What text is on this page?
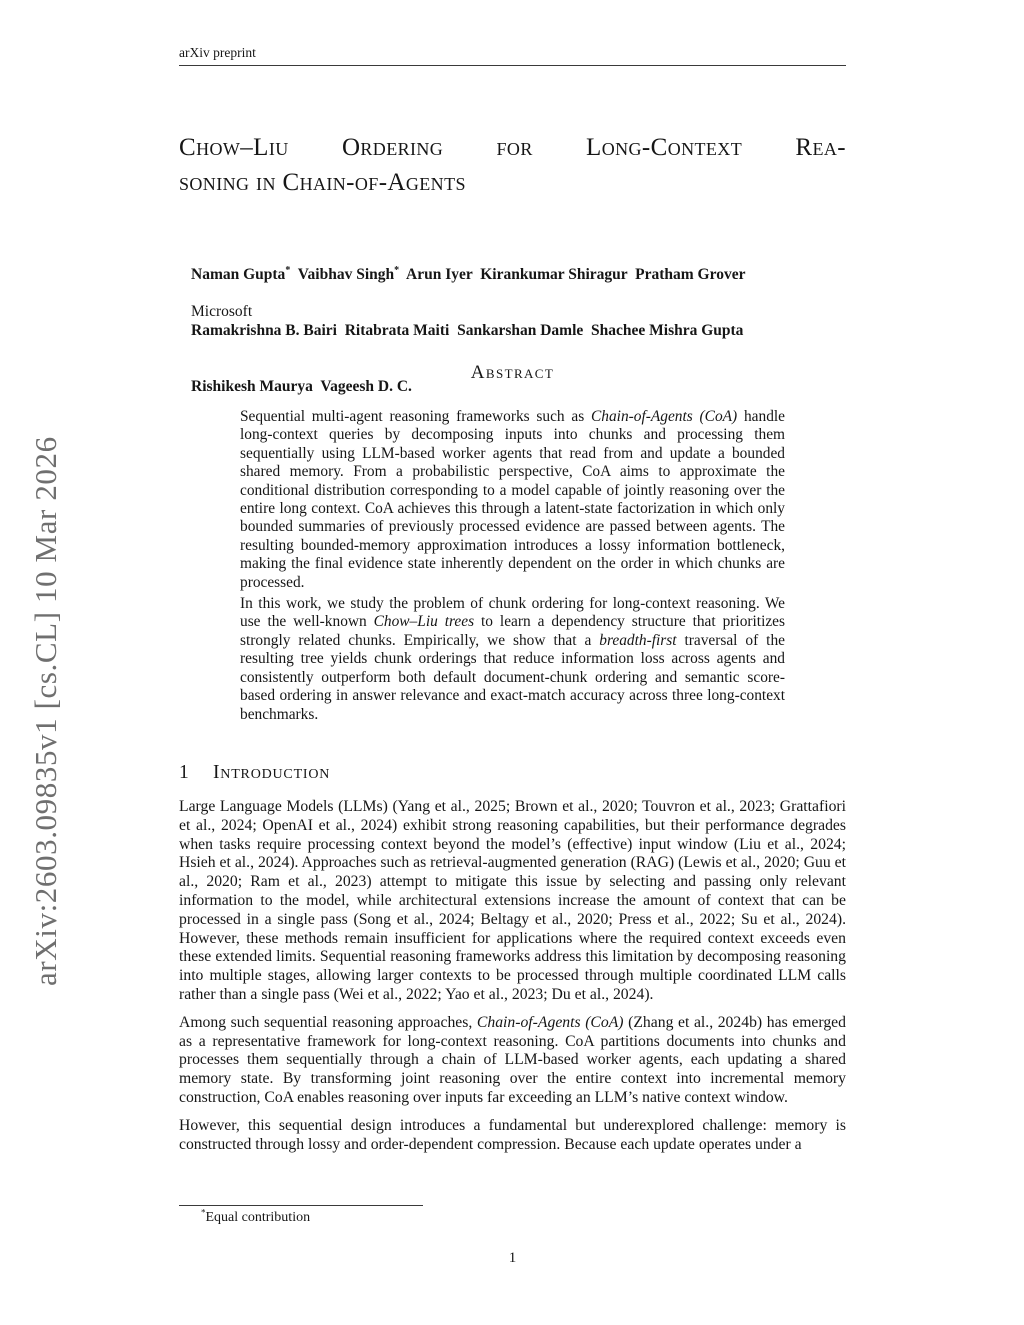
arXiv:2603.09835v1 [cs.CL] 10 Mar 2026
arXiv preprint
Chow–Liu Ordering for Long-Context Rea-
soning in Chain-of-Agents

Naman Gupta*  Vaibhav Singh*  Arun Iyer  Kirankumar Shiragur  Pratham Grover

Ramakrishna B. Bairi  Ritabrata Maiti  Sankarshan Damle  Shachee Mishra Gupta

Rishikesh Maurya  Vageesh D. C.

Microsoft
Abstract

Sequential multi-agent reasoning frameworks such as Chain-of-Agents (CoA) handle long-context queries by decomposing inputs into chunks and processing them sequentially using LLM-based worker agents that read from and update a bounded shared memory. From a probabilistic perspective, CoA aims to approximate the conditional distribution corresponding to a model capable of jointly reasoning over the entire long context. CoA achieves this through a latent-state factorization in which only bounded summaries of previously processed evidence are passed between agents. The resulting bounded-memory approximation introduces a lossy information bottleneck, making the final evidence state inherently dependent on the order in which chunks are processed.

In this work, we study the problem of chunk ordering for long-context reasoning. We use the well-known Chow–Liu trees to learn a dependency structure that prioritizes strongly related chunks. Empirically, we show that a breadth-first traversal of the resulting tree yields chunk orderings that reduce information loss across agents and consistently outperform both default document-chunk ordering and semantic score-based ordering in answer relevance and exact-match accuracy across three long-context benchmarks.

1 Introduction

Large Language Models (LLMs) (Yang et al., 2025; Brown et al., 2020; Touvron et al., 2023; Grattafiori et al., 2024; OpenAI et al., 2024) exhibit strong reasoning capabilities, but their performance degrades when tasks require processing context beyond the model’s (effective) input window (Liu et al., 2024; Hsieh et al., 2024). Approaches such as retrieval-augmented generation (RAG) (Lewis et al., 2020; Guu et al., 2020; Ram et al., 2023) attempt to mitigate this issue by selecting and passing only relevant information to the model, while architectural extensions increase the amount of context that can be processed in a single pass (Song et al., 2024; Beltagy et al., 2020; Press et al., 2022; Su et al., 2024). However, these methods remain insufficient for applications where the required context exceeds even these extended limits. Sequential reasoning frameworks address this limitation by decomposing reasoning into multiple stages, allowing larger contexts to be processed through multiple coordinated LLM calls rather than a single pass (Wei et al., 2022; Yao et al., 2023; Du et al., 2024).

Among such sequential reasoning approaches, Chain-of-Agents (CoA) (Zhang et al., 2024b) has emerged as a representative framework for long-context reasoning. CoA partitions documents into chunks and processes them sequentially through a chain of LLM-based worker agents, each updating a shared memory state. By transforming joint reasoning over the entire context into incremental memory construction, CoA enables reasoning over inputs far exceeding an LLM’s native context window.

However, this sequential design introduces a fundamental but underexplored challenge: memory is constructed through lossy and order-dependent compression. Because each update operates under a

*Equal contribution
1
